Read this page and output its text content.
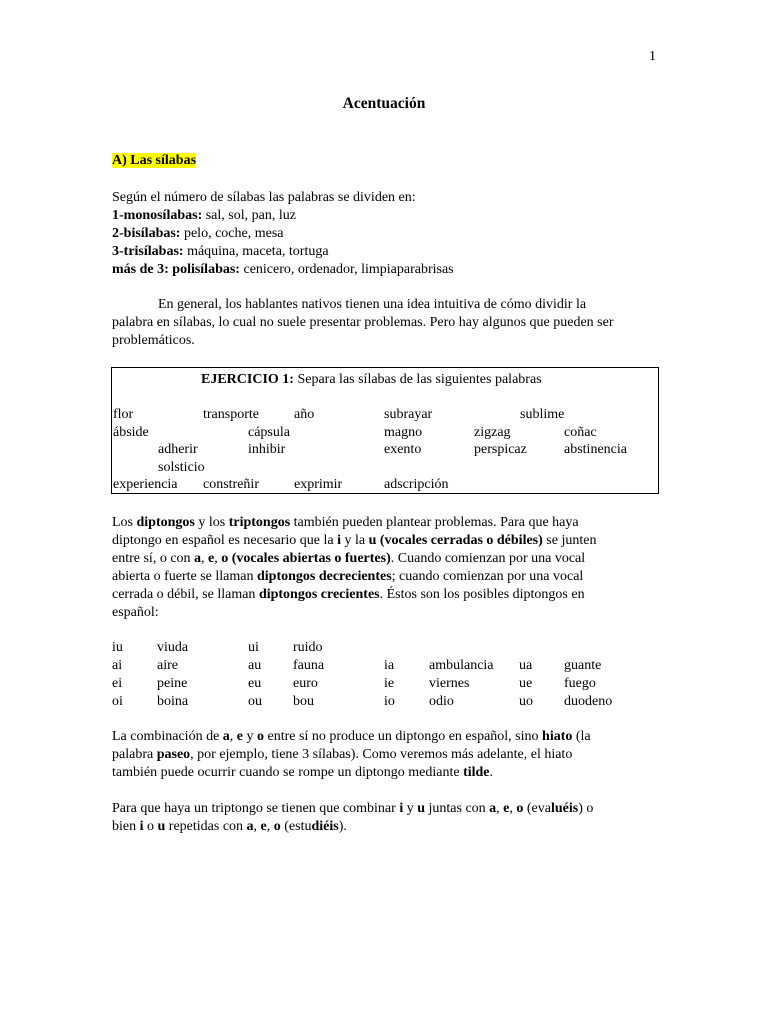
1
Acentuación
A) Las sílabas
Según el número de sílabas las palabras se dividen en:
1-monosílabas: sal, sol, pan, luz
2-bisílabas: pelo, coche, mesa
3-trisílabas: máquina, maceta, tortuga
más de 3: polisílabas: cenicero, ordenador, limpiaparabrisas
En general, los hablantes nativos tienen una idea intuitiva de cómo dividir la
palabra en sílabas, lo cual no suele presentar problemas. Pero hay algunos que pueden ser
problemáticos.
EJERCICIO 1: Separa las sílabas de las siguientes palabras
flor	transporte	año	subrayar	sublime
ábside	cápsula	magno	zigzag	coñac
adherir	inhibir	exento	perspicaz	abstinencia
solsticio
experiencia constreñir	exprimir	adscripción
Los diptongos y los triptongos también pueden plantear problemas. Para que haya
diptongo en español es necesario que la i y la u (vocales cerradas o débiles) se junten
entre sí, o con a, e, o (vocales abiertas o fuertes). Cuando comienzan por una vocal
abierta o fuerte se llaman diptongos decrecientes; cuando comienzan por una vocal
cerrada o débil, se llaman diptongos crecientes. Éstos son los posibles diptongos en
español:
iu viuda	ui ruido
ai aire	au fauna	ia ambulancia ua guante
ei peine	eu euro	ie viernes	ue fuego
oi boina	ou bou	io odio	uo duodeno
La combinación de a, e y o entre sí no produce un diptongo en español, sino hiato (la
palabra paseo, por ejemplo, tiene 3 sílabas). Como veremos más adelante, el hiato
también puede ocurrir cuando se rompe un diptongo mediante tilde.
Para que haya un triptongo se tienen que combinar i y u juntas con a, e, o (evaluéis) o
bien i o u repetidas con a, e, o (estudiéis).
